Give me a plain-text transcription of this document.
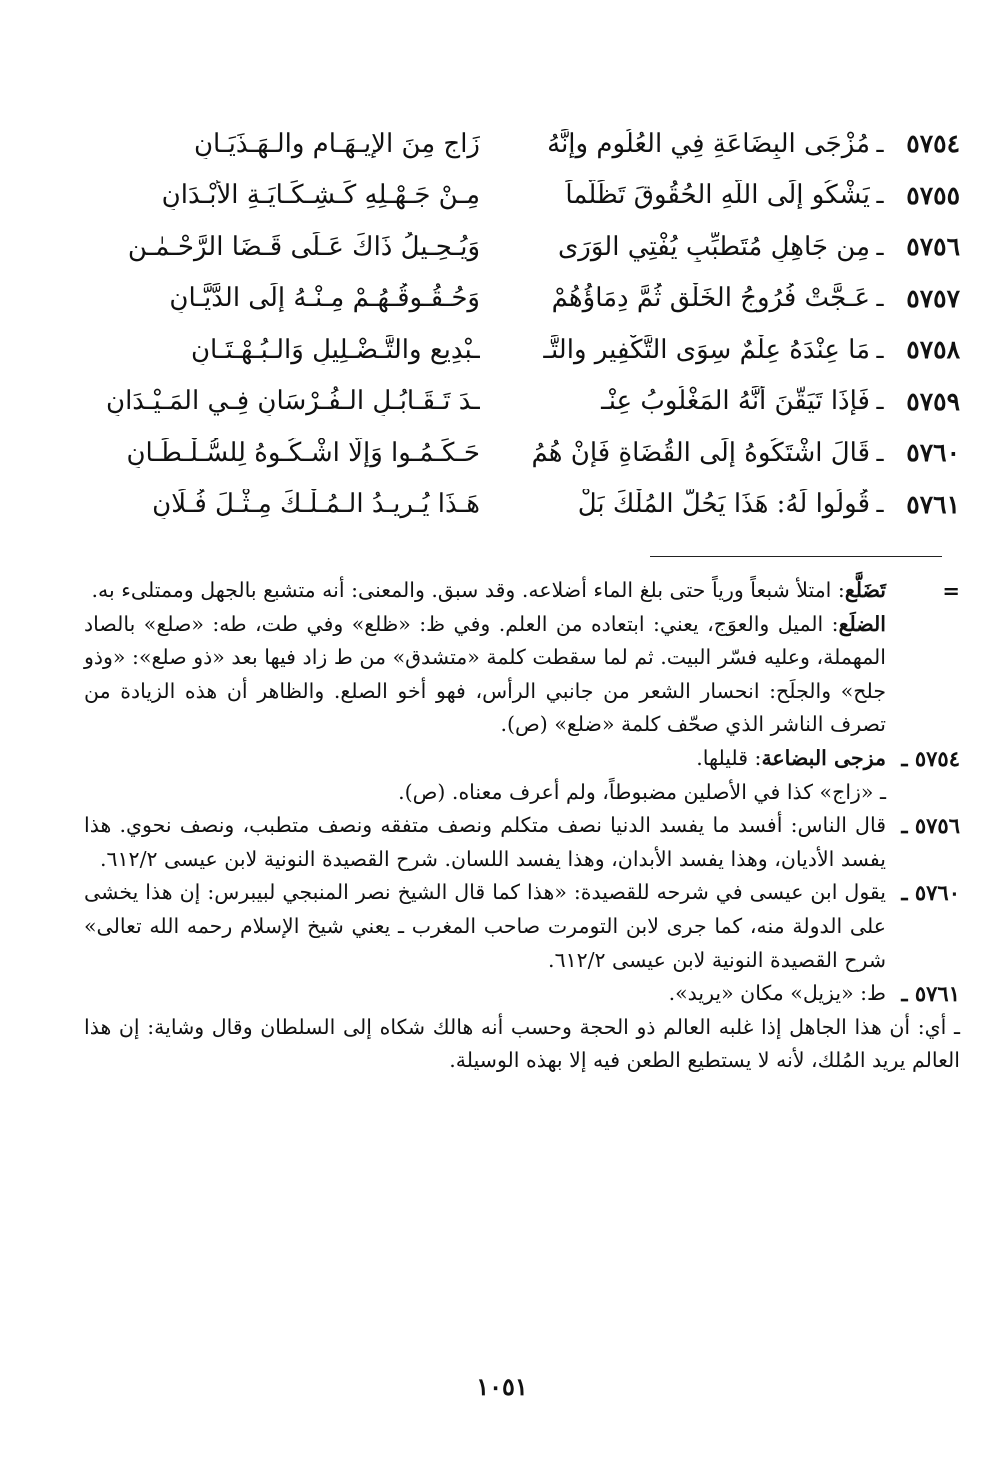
٥٧٥٤
ـ
مُزْجَى البِضَاعَةِ فِي العُلُومِ وإنَّهُ
زَاجٍ مِنَ الإِيـهَـامِ والـهَـذَيَـانِ
٥٧٥٥
ـ
يَشْكُو إِلَى اللَّهِ الحُقُوقَ تَظَلُّماً
مِـنْ جَـهْـلِهِ كَـشِـكَـايَـةِ الأَبْـدَانِ
٥٧٥٦
ـ
مِن جَاهِلٍ مُتَطبِّبٍ يُفْتِي الوَرَى
وَيُـحِـيلُ ذَاكَ عَـلَى قَـضَا الرَّحْـمٰـنِ
٥٧٥٧
ـ
عَـجَّتْ فُرُوجُ الخَلْقِ ثُمَّ دِمَاؤُهُمْ
وَحُـقُـوقُـهُـمْ مِـنْـهُ إِلَى الدَّيَّـانِ
٥٧٥٨
ـ
مَا عِنْدَهُ عِلْمٌ سِوَى التَّكْفِيرِ والتَّـ
ـبْدِيعِ والتَّـضْـلِيلِ وَالـبُـهْـتَـانِ
٥٧٥٩
ـ
فَإِذَا تَيَقَّنَ أَنَّهُ المَغْلُوبُ عِنْـ
ـدَ تَـقَـابُـلِ الـفُـرْسَانِ فِـي المَـيْـدَانِ
٥٧٦٠
ـ
قَالَ اشْتَكُوهُ إِلَى القُضَاةِ فَإِنْ هُمُ
حَـكَـمُـوا وَإِلَّا اشْـكُـوهُ لِلسُّـلْـطَـانِ
٥٧٦١
ـ
قُولُوا لَهُ: هَذَا يَحُلُّ المُلْكَ بَلْ
هَـذَا يُـرِيـدُ الـمُـلْـكَ مِـثْـلَ فُـلَانِ
=
تَضَلَّع: امتلأ شبعاً ورياً حتى بلغ الماء أضلاعه. وقد سبق. والمعنى: أنه متشبع بالجهل وممتلىء به.
الضلَع: الميل والعوَج، يعني: ابتعاده من العلم. وفي ظ: «ظلع» وفي طت، طه: «صلع» بالصاد المهملة، وعليه فسّر البيت. ثم لما سقطت كلمة «متشدق» من ط زاد فيها بعد «ذو صلع»: «وذو جلح» والجلَح: انحسار الشعر من جانبي الرأس، فهو أخو الصلع. والظاهر أن هذه الزيادة من تصرف الناشر الذي صحّف كلمة «ضلع» (ص).
٥٧٥٤ ـ
مزجى البضاعة: قليلها.
ـ «زاج» كذا في الأصلين مضبوطاً، ولم أعرف معناه. (ص).
٥٧٥٦ ـ
قال الناس: أفسد ما يفسد الدنيا نصف متكلم ونصف متفقه ونصف متطبب، ونصف نحوي. هذا يفسد الأديان، وهذا يفسد الأبدان، وهذا يفسد اللسان. شرح القصيدة النونية لابن عيسى ٦١٢/٢.
٥٧٦٠ ـ
يقول ابن عيسى في شرحه للقصيدة: «هذا كما قال الشيخ نصر المنبجي لبيبرس: إن هذا يخشى على الدولة منه، كما جرى لابن التومرت صاحب المغرب ـ يعني شيخ الإسلام رحمه الله تعالى» شرح القصيدة النونية لابن عيسى ٦١٢/٢.
٥٧٦١ ـ
ط: «يزيل» مكان «يريد».
ـ أي: أن هذا الجاهل إذا غلبه العالم ذو الحجة وحسب أنه هالك شكاه إلى السلطان وقال وشاية: إن هذا العالم يريد المُلك، لأنه لا يستطيع الطعن فيه إلا بهذه الوسيلة.
١٠٥١
